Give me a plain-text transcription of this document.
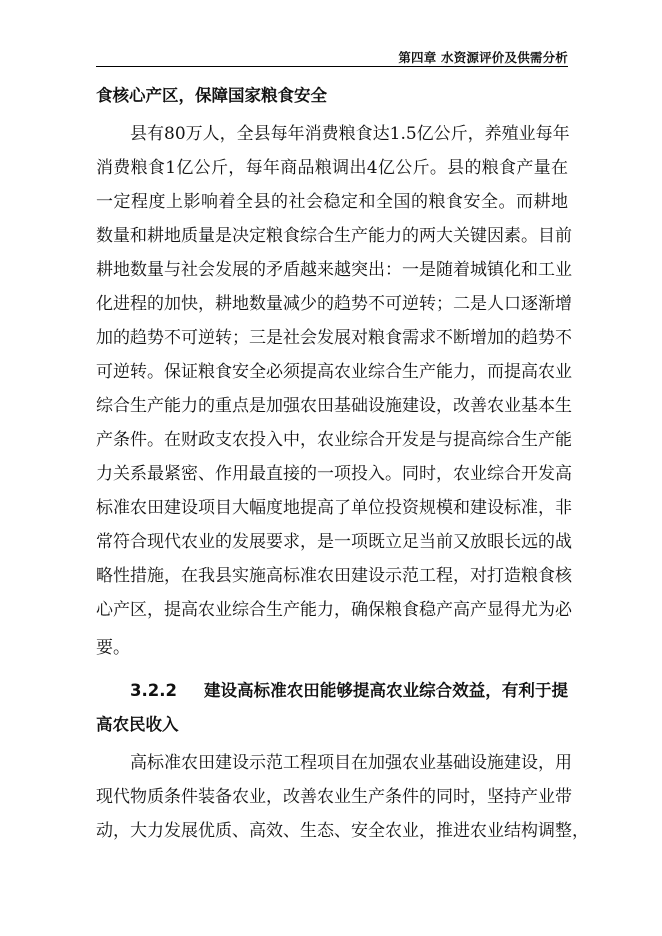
第四章 水资源评价及供需分析
食核心产区，保障国家粮食安全
县有80万人，全县每年消费粮食达1.5亿公斤，养殖业每年
消费粮食1亿公斤，每年商品粮调出4亿公斤。县的粮食产量在
一定程度上影响着全县的社会稳定和全国的粮食安全。而耕地
数量和耕地质量是决定粮食综合生产能力的两大关键因素。目前
耕地数量与社会发展的矛盾越来越突出：一是随着城镇化和工业
化进程的加快，耕地数量减少的趋势不可逆转；二是人口逐渐增
加的趋势不可逆转；三是社会发展对粮食需求不断增加的趋势不
可逆转。保证粮食安全必须提高农业综合生产能力，而提高农业
综合生产能力的重点是加强农田基础设施建设，改善农业基本生
产条件。在财政支农投入中，农业综合开发是与提高综合生产能
力关系最紧密、作用最直接的一项投入。同时，农业综合开发高
标准农田建设项目大幅度地提高了单位投资规模和建设标准，非
常符合现代农业的发展要求，是一项既立足当前又放眼长远的战
略性措施，在我县实施高标准农田建设示范工程，对打造粮食核
心产区，提高农业综合生产能力，确保粮食稳产高产显得尤为必
要。
3.2.2 建设高标准农田能够提高农业综合效益，有利于提
高农民收入
高标准农田建设示范工程项目在加强农业基础设施建设，用
现代物质条件装备农业，改善农业生产条件的同时，坚持产业带
动，大力发展优质、高效、生态、安全农业，推进农业结构调整，
